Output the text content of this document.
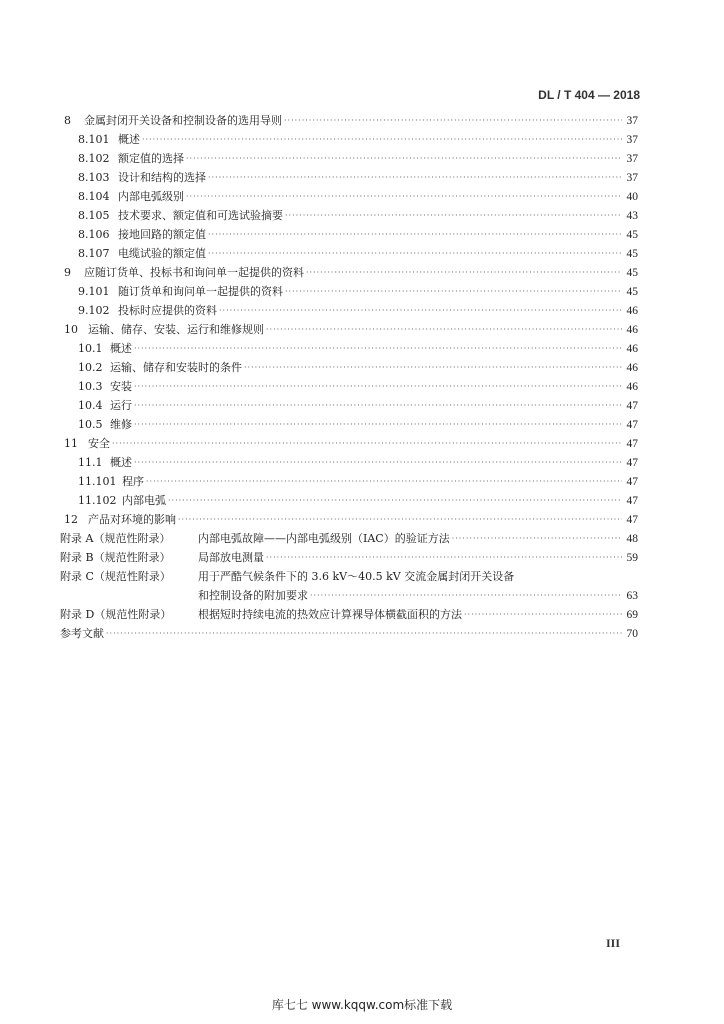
DL / T 404 — 2018
8	金属封闭开关设备和控制设备的选用导则 ·····	37
8.101 概述 ·····	37
8.102 额定值的选择 ·····	37
8.103 设计和结构的选择 ·····	37
8.104 内部电弧级别 ·····	40
8.105 技术要求、额定值和可选试验摘要 ·····	43
8.106 接地回路的额定值 ·····	45
8.107 电缆试验的额定值 ·····	45
9	应随订货单、投标书和询问单一起提供的资料 ·····	45
9.101 随订货单和询问单一起提供的资料 ·····	45
9.102 投标时应提供的资料 ·····	46
10 运输、储存、安装、运行和维修规则 ·····	46
10.1 概述 ·····	46
10.2 运输、储存和安装时的条件 ·····	46
10.3 安装 ·····	46
10.4 运行 ·····	47
10.5 维修 ·····	47
11 安全 ·····	47
11.1 概述 ·····	47
11.101 程序 ·····	47
11.102 内部电弧 ·····	47
12 产品对环境的影响 ·····	47
附录 A（规范性附录）	内部电弧故障——内部电弧级别（IAC）的验证方法 ·····	48
附录 B（规范性附录）	局部放电测量 ·····	59
附录 C（规范性附录）	用于严酷气候条件下的 3.6 kV～40.5 kV 交流金属封闭开关设备
和控制设备的附加要求 ·····	63
附录 D（规范性附录）	根据短时持续电流的热效应计算裸导体横截面积的方法 ·····	69
参考文献 ·····	70
III
库七七 www.kqqw.com标准下载
